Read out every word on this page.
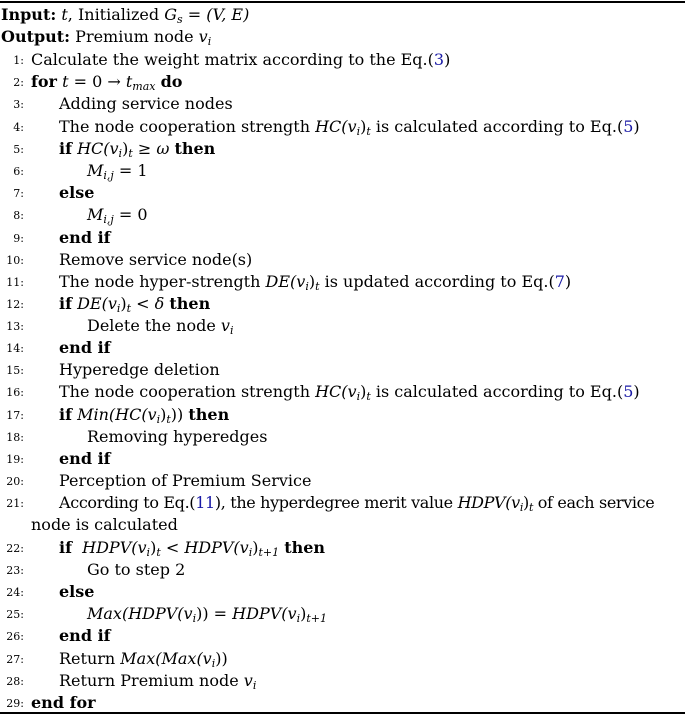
Input: t, Initialized $G_s = (V$, E)
Output: Premium node $v_i$
1: Calculate the weight matrix according to the Eq.(3)
2: for $t = 0 \to t_{max}$ do
3: Adding service nodes
4: The node cooperation strength $HC(v_i)_t$ is calculated according to Eq.(5)
5: if $HC(v_i)_t \ge \omega$ then
6:	$M_{i,j} = 1$
7: else
8:	$M_{i,j} = 0$
9: end if
10: Remove service node(s)
11: The node hyper-strength $DE(v_i)_t$ is updated according to Eq.(7)
12: if $DE(v_i)_t < \delta$ then
13:	Delete the node $v_i$
14: end if
15: Hyperedge deletion
16: The node cooperation strength $HC(v_i)_t$ is calculated according to Eq.(5)
17: if $Min(HC(v_i)_t)$) then
18:	Removing hyperedges
19: end if
20: Perception of Premium Service
21: According to Eq.(11), the hyperdegree merit value $HDPV(v_i)_t$ of each service
node is calculated
22: if $HDPV(v_i)_t$ < $HDPV(v_i)_{t+1}$ then
23:	Go to step 2
24: else
25:	$Max(HDPV(v_i))$ = $HDPV(v_i)_{t+1}$
26: end if
27: Return $Max(Max(v_i))$
28: Return Premium node $v_i$
29: end for
